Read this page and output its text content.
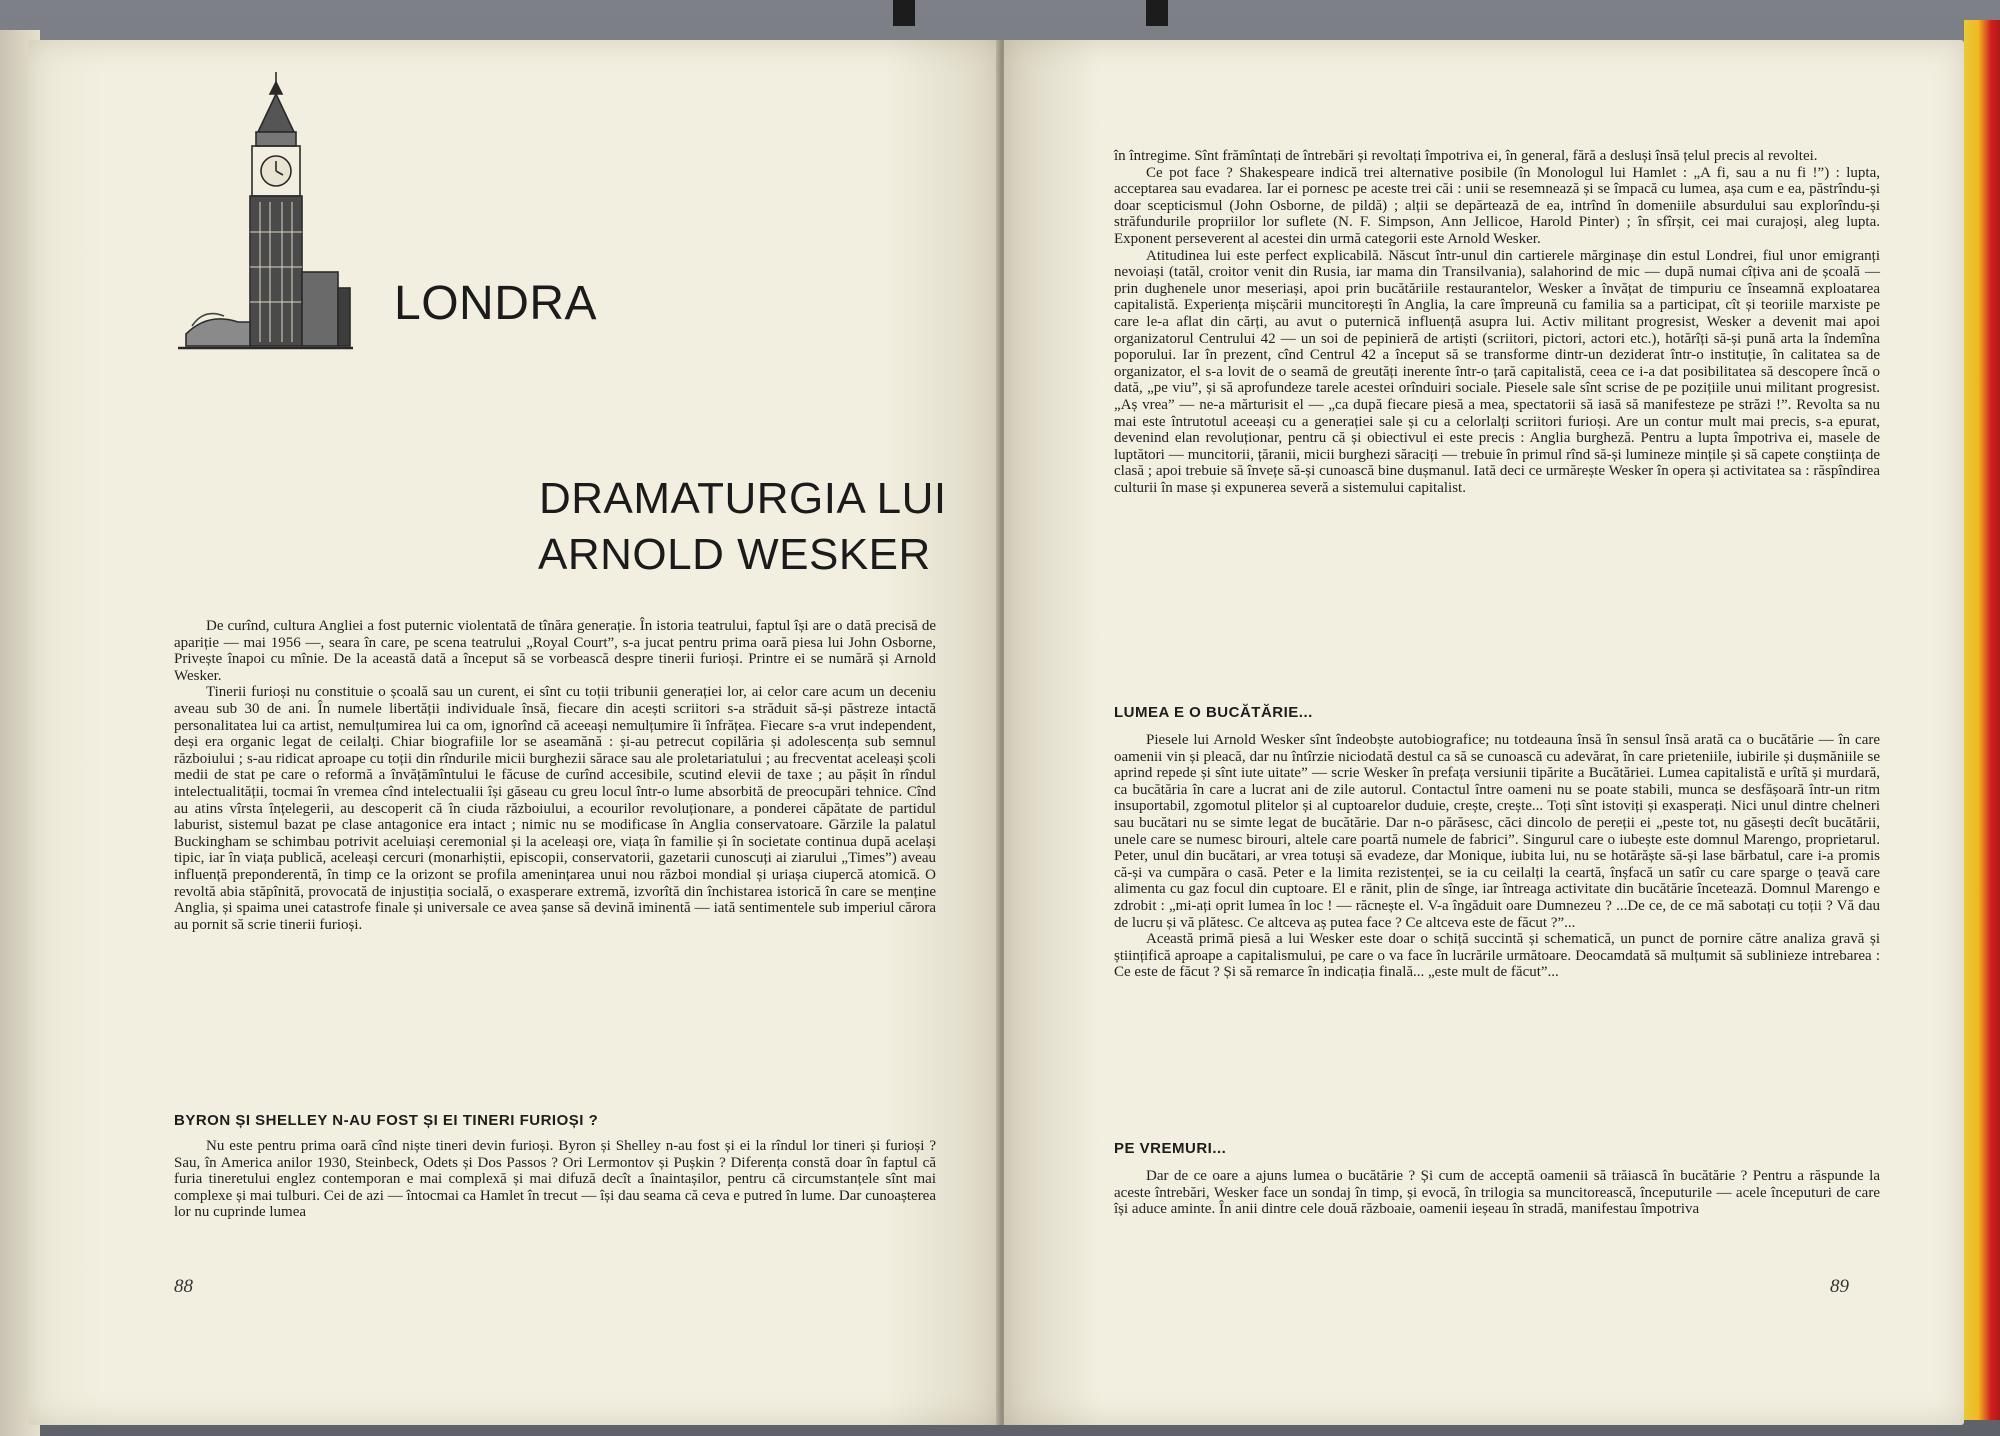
LONDRA
DRAMATURGIA LUI
ARNOLD WESKER

De curînd, cultura Angliei a fost puternic violentată de tînăra generație. În istoria teatrului, faptul își are o dată precisă de apariție — mai 1956 —, seara în care, pe scena teatrului „Royal Court”, s-a jucat pentru prima oară piesa lui John Osborne, Privește înapoi cu mînie. De la această dată a început să se vorbească despre tinerii furioși. Printre ei se numără și Arnold Wesker.

Tinerii furioși nu constituie o școală sau un curent, ei sînt cu toții tribunii generației lor, ai celor care acum un deceniu aveau sub 30 de ani. În numele libertății individuale însă, fiecare din acești scriitori s-a străduit să-și păstreze intactă personalitatea lui ca artist, nemulțumirea lui ca om, ignorînd că aceeași nemulțumire îi înfrățea. Fiecare s-a vrut independent, deși era organic legat de ceilalți. Chiar biografiile lor se aseamănă : și-au petrecut copilăria și adolescența sub semnul războiului ; s-au ridicat aproape cu toții din rîndurile micii burghezii sărace sau ale proletariatului ; au frecventat aceleași școli medii de stat pe care o reformă a învățămîntului le făcuse de curînd accesibile, scutind elevii de taxe ; au pășit în rîndul intelectualității, tocmai în vremea cînd intelectualii își găseau cu greu locul într-o lume absorbită de preocupări tehnice. Cînd au atins vîrsta înțelegerii, au descoperit că în ciuda războiului, a ecourilor revoluționare, a ponderei căpătate de partidul laburist, sistemul bazat pe clase antagonice era intact ; nimic nu se modificase în Anglia conservatoare. Gărzile la palatul Buckingham se schimbau potrivit aceluiași ceremonial și la aceleași ore, viața în familie și în societate continua după același tipic, iar în viața publică, aceleași cercuri (monarhiștii, episcopii, conservatorii, gazetarii cunoscuți ai ziarului „Times”) aveau influență preponderentă, în timp ce la orizont se profila amenințarea unui nou război mondial și uriașa ciupercă atomică. O revoltă abia stăpînită, provocată de injustiția socială, o exasperare extremă, izvorîtă din închistarea istorică în care se menține Anglia, și spaima unei catastrofe finale și universale ce avea șanse să devină iminentă — iată sentimentele sub imperiul cărora au pornit să scrie tinerii furioși.

BYRON ȘI SHELLEY N-AU FOST ȘI EI TINERI FURIOȘI ?

Nu este pentru prima oară cînd niște tineri devin furioși. Byron și Shelley n-au fost și ei la rîndul lor tineri și furioși ? Sau, în America anilor 1930, Steinbeck, Odets și Dos Passos ? Ori Lermontov și Pușkin ? Diferența constă doar în faptul că furia tineretului englez contemporan e mai complexă și mai difuză decît a înaintașilor, pentru că circumstanțele sînt mai complexe și mai tulburi. Cei de azi — întocmai ca Hamlet în trecut — își dau seama că ceva e putred în lume. Dar cunoașterea lor nu cuprinde lumea

88

în întregime. Sînt frămîntați de întrebări și revoltați împotriva ei, în general, fără a desluși însă țelul precis al revoltei.

Ce pot face ? Shakespeare indică trei alternative posibile (în Monologul lui Hamlet : „A fi, sau a nu fi !”) : lupta, acceptarea sau evadarea. Iar ei pornesc pe aceste trei căi : unii se resemnează și se împacă cu lumea, așa cum e ea, păstrîndu-și doar scepticismul (John Osborne, de pildă) ; alții se depărtează de ea, intrînd în domeniile absurdului sau explorîndu-și străfundurile propriilor lor suflete (N. F. Simpson, Ann Jellicoe, Harold Pinter) ; în sfîrșit, cei mai curajoși, aleg lupta. Exponent perseverent al acestei din urmă categorii este Arnold Wesker.

Atitudinea lui este perfect explicabilă. Născut într-unul din cartierele mărginașe din estul Londrei, fiul unor emigranți nevoiași (tatăl, croitor venit din Rusia, iar mama din Transilvania), salahorind de mic — după numai cîțiva ani de școală — prin dughenele unor meseriași, apoi prin bucătăriile restaurantelor, Wesker a învățat de timpuriu ce înseamnă exploatarea capitalistă. Experiența mișcării muncitorești în Anglia, la care împreună cu familia sa a participat, cît și teoriile marxiste pe care le-a aflat din cărți, au avut o puternică influență asupra lui. Activ militant progresist, Wesker a devenit mai apoi organizatorul Centrului 42 — un soi de pepinieră de artiști (scriitori, pictori, actori etc.), hotărîți să-și pună arta la îndemîna poporului. Iar în prezent, cînd Centrul 42 a început să se transforme dintr-un deziderat într-o instituție, în calitatea sa de organizator, el s-a lovit de o seamă de greutăți inerente într-o țară capitalistă, ceea ce i-a dat posibilitatea să descopere încă o dată, „pe viu”, și să aprofundeze tarele acestei orînduiri sociale. Piesele sale sînt scrise de pe pozițiile unui militant progresist. „Aș vrea” — ne-a mărturisit el — „ca după fiecare piesă a mea, spectatorii să iasă să manifesteze pe străzi !”. Revolta sa nu mai este întrutotul aceeași cu a generației sale și cu a celorlalți scriitori furioși. Are un contur mult mai precis, s-a epurat, devenind elan revoluționar, pentru că și obiectivul ei este precis : Anglia burgheză. Pentru a lupta împotriva ei, masele de luptători — muncitorii, țăranii, micii burghezi săraciți — trebuie în primul rînd să-și lumineze mințile și să capete conștiința de clasă ; apoi trebuie să învețe să-și cunoască bine dușmanul. Iată deci ce urmărește Wesker în opera și activitatea sa : răspîndirea culturii în mase și expunerea severă a sistemului capitalist.

LUMEA E O BUCĂTĂRIE...

Piesele lui Arnold Wesker sînt îndeobște autobiografice; nu totdeauna însă în sensul însă arată ca o bucătărie — în care oamenii vin și pleacă, dar nu întîrzie niciodată destul ca să se cunoască cu adevărat, în care prieteniile, iubirile și dușmăniile se aprind repede și sînt iute uitate” — scrie Wesker în prefața versiunii tipărite a Bucătăriei. Lumea capitalistă e urîtă și murdară, ca bucătăria în care a lucrat ani de zile autorul. Contactul între oameni nu se poate stabili, munca se desfășoară într-un ritm insuportabil, zgomotul plitelor și al cuptoarelor duduie, crește, crește... Toți sînt istoviți și exasperați. Nici unul dintre chelneri sau bucătari nu se simte legat de bucătărie. Dar n-o părăsesc, căci dincolo de pereții ei „peste tot, nu găsești decît bucătării, unele care se numesc birouri, altele care poartă numele de fabrici”. Singurul care o iubește este domnul Marengo, proprietarul. Peter, unul din bucătari, ar vrea totuși să evadeze, dar Monique, iubita lui, nu se hotărăște să-și lase bărbatul, care i-a promis că-și va cumpăra o casă. Peter e la limita rezistenței, se ia cu ceilalți la ceartă, înșfacă un satîr cu care sparge o țeavă care alimenta cu gaz focul din cuptoare. El e rănit, plin de sînge, iar întreaga activitate din bucătărie încetează. Domnul Marengo e zdrobit : „mi-ați oprit lumea în loc ! — răcnește el. V-a îngăduit oare Dumnezeu ? ...De ce, de ce mă sabotați cu toții ? Vă dau de lucru și vă plătesc. Ce altceva aș putea face ? Ce altceva este de făcut ?”...

Această primă piesă a lui Wesker este doar o schiță succintă și schematică, un punct de pornire către analiza gravă și științifică aproape a capitalismului, pe care o va face în lucrările următoare. Deocamdată să mulțumit să sublinieze intrebarea : Ce este de făcut ? Și să remarce în indicația finală... „este mult de făcut”...

PE VREMURI...

Dar de ce oare a ajuns lumea o bucătărie ? Și cum de acceptă oamenii să trăiască în bucătărie ? Pentru a răspunde la aceste întrebări, Wesker face un sondaj în timp, și evocă, în trilogia sa muncitorească, începuturile — acele începuturi de care își aduce aminte. În anii dintre cele două războaie, oamenii ieșeau în stradă, manifestau împotriva

89
